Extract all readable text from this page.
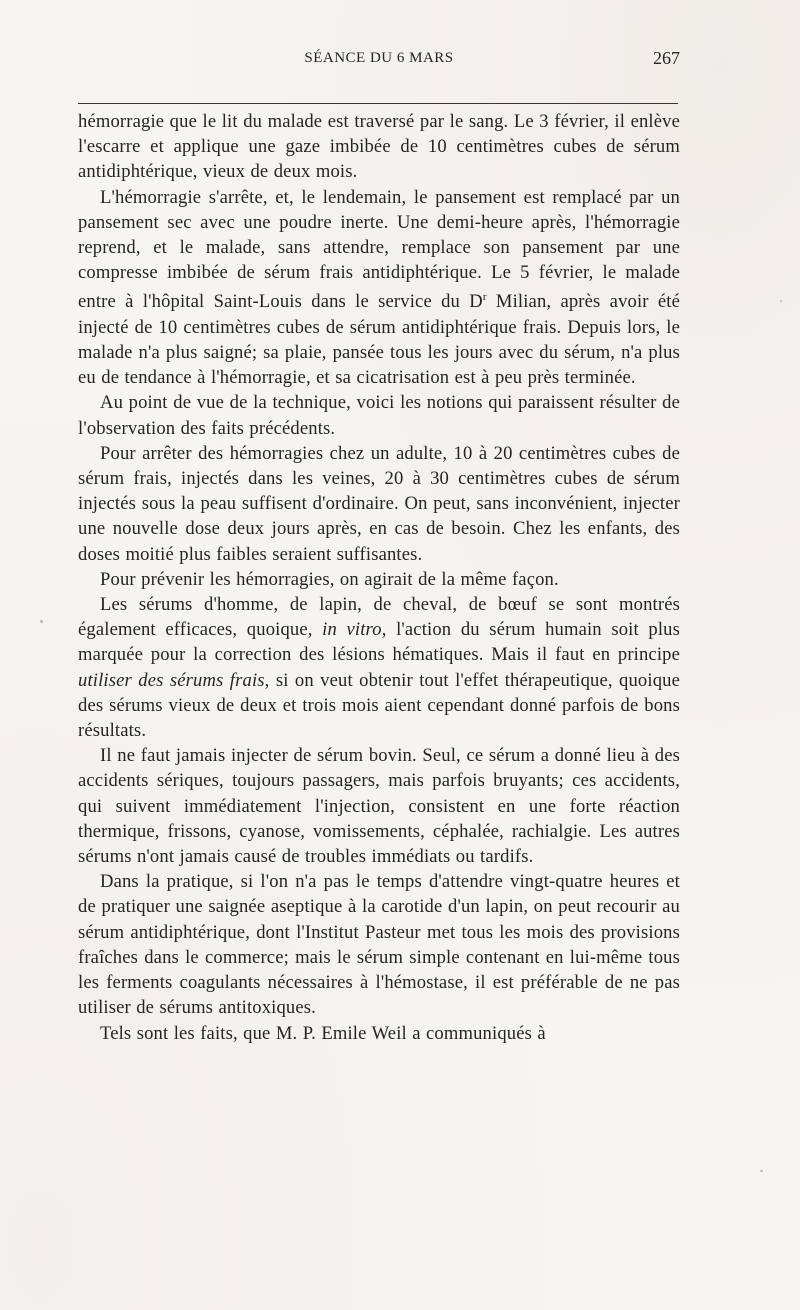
SÉANCE DU 6 MARS	267

hémorragie que le lit du malade est traversé par le sang. Le 3 février, il enlève l'escarre et applique une gaze imbibée de 10 centimètres cubes de sérum antidiphtérique, vieux de deux mois.

L'hémorragie s'arrête, et, le lendemain, le pansement est remplacé par un pansement sec avec une poudre inerte. Une demi-heure après, l'hémorragie reprend, et le malade, sans attendre, remplace son pansement par une compresse imbibée de sérum frais antidiphtérique. Le 5 février, le malade entre à l'hôpital Saint-Louis dans le service du $D^r$ Milian, après avoir été injecté de 10 centimètres cubes de sérum antidiphtérique frais. Depuis lors, le malade n'a plus saigné; sa plaie, pansée tous les jours avec du sérum, n'a plus eu de tendance à l'hémorragie, et sa cicatrisation est à peu près terminée.

Au point de vue de la technique, voici les notions qui paraissent résulter de l'observation des faits précédents.

Pour arrêter des hémorragies chez un adulte, 10 à 20 centimètres cubes de sérum frais, injectés dans les veines, 20 à 30 centimètres cubes de sérum injectés sous la peau suffisent d'ordinaire. On peut, sans inconvénient, injecter une nouvelle dose deux jours après, en cas de besoin. Chez les enfants, des doses moitié plus faibles seraient suffisantes.

Pour prévenir les hémorragies, on agirait de la même façon.

Les sérums d'homme, de lapin, de cheval, de bœuf se sont montrés également efficaces, quoique, in vitro, l'action du sérum humain soit plus marquée pour la correction des lésions hématiques. Mais il faut en principe utiliser des sérums frais, si on veut obtenir tout l'effet thérapeutique, quoique des sérums vieux de deux et trois mois aient cependant donné parfois de bons résultats.

Il ne faut jamais injecter de sérum bovin. Seul, ce sérum a donné lieu à des accidents sériques, toujours passagers, mais parfois bruyants; ces accidents, qui suivent immédiatement l'injection, consistent en une forte réaction thermique, frissons, cyanose, vomissements, céphalée, rachialgie. Les autres sérums n'ont jamais causé de troubles immédiats ou tardifs.

Dans la pratique, si l'on n'a pas le temps d'attendre vingt-quatre heures et de pratiquer une saignée aseptique à la carotide d'un lapin, on peut recourir au sérum antidiphtérique, dont l'Institut Pasteur met tous les mois des provisions fraîches dans le commerce; mais le sérum simple contenant en lui-même tous les ferments coagulants nécessaires à l'hémostase, il est préférable de ne pas utiliser de sérums antitoxiques.

Tels sont les faits, que M. P. Emile Weil a communiqués à
